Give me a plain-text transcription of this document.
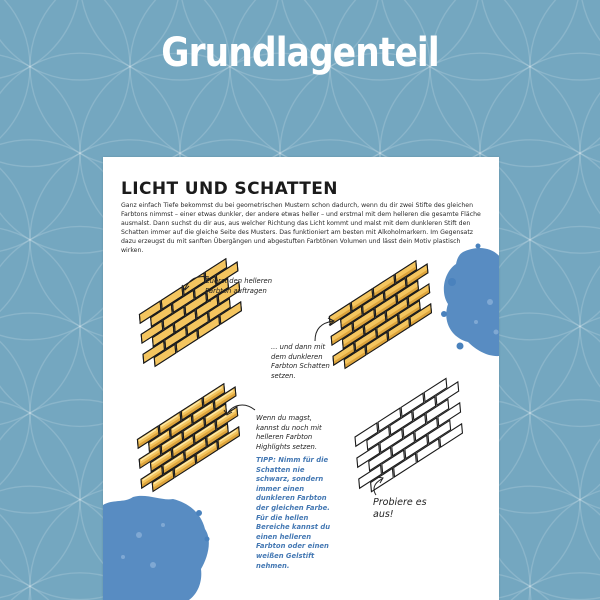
Grundlagenteil
LICHT UND SCHATTEN

Ganz einfach Tiefe bekommst du bei geometrischen Mustern schon dadurch, wenn du dir zwei Stifte des gleichen Farbtons nimmst – einer etwas dunkler, der andere etwas heller – und erstmal mit dem helleren die gesamte Fläche ausmalst. Dann suchst du dir aus, aus welcher Richtung das Licht kommt und malst mit dem dunkleren Stift den Schatten immer auf die gleiche Seite des Musters. Das funktioniert am besten mit Alkoholmarkern. Im Gegensatz dazu erzeugst du mit sanften Übergängen und abgestuften Farbtönen Volumen und lässt dein Motiv plastisch wirken.

Zuerst den helleren Farbton auftragen ...

... und dann mit dem dunkleren Farbton Schatten setzen.

Wenn du magst, kannst du noch mit helleren Farbton Highlights setzen.

TIPP: Nimm für die Schatten nie schwarz, sondern immer einen dunkleren Farbton der gleichen Farbe. Für die hellen Bereiche kannst du einen helleren Farbton oder einen weißen Gelstift nehmen.

Probiere es aus!
